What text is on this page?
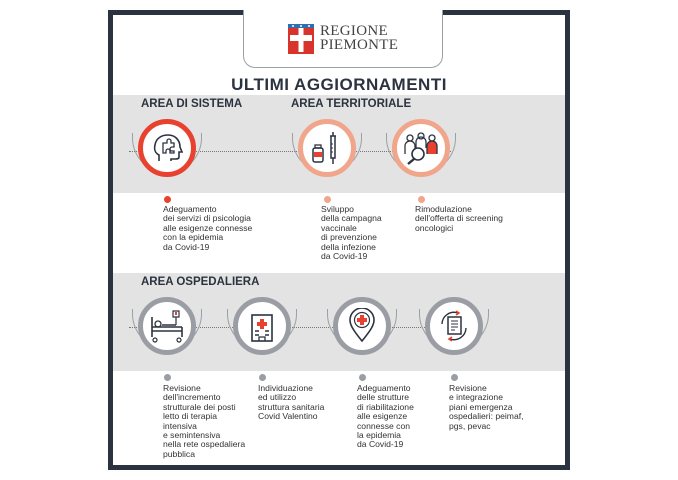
REGIONE
PIEMONTE
ULTIMI AGGIORNAMENTI
AREA DI SISTEMA	AREA TERRITORIALE
Adeguamento
dei servizi di psicologia
alle esigenze connesse
con la epidemia
da Covid-19
Sviluppo
della campagna
vaccinale
di prevenzione
della infezione
da Covid-19
Rimodulazione
dell'offerta di screening
oncologici
AREA OSPEDALIERA
Revisione
dell'incremento
strutturale dei posti
letto di terapia
intensiva
e semintensiva
nella rete ospedaliera
pubblica
Individuazione
ed utilizzo
struttura sanitaria
Covid Valentino
Adeguamento
delle strutture
di riabilitazione
alle esigenze
connesse con
la epidemia
da Covid-19
Revisione
e integrazione
piani emergenza
ospedalieri: peimaf,
pgs, pevac
